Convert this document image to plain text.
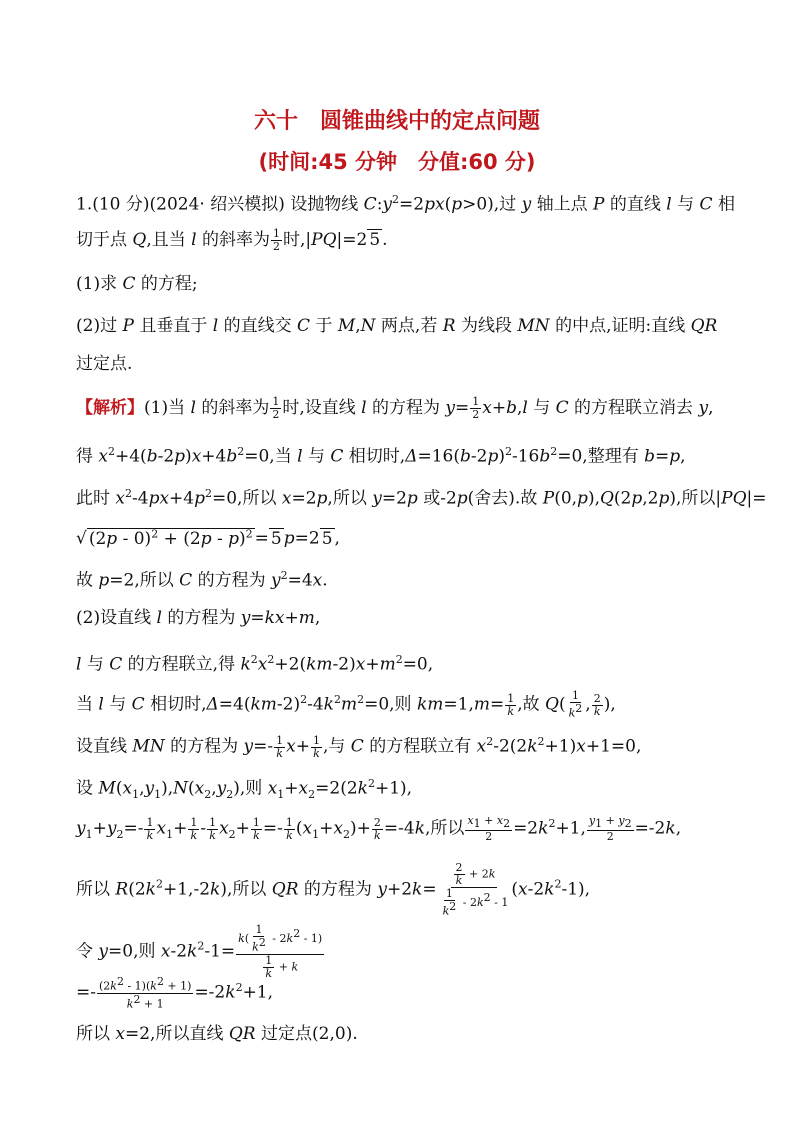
六十　圆锥曲线中的定点问题
(时间:45 分钟　分值:60 分)
1.(10 分)(2024· 绍兴模拟) 设抛物线 $C:y^2=2px(p>0)$,过 y 轴上点 P 的直线 l 与 C 相
切于点 Q,且当 l 的斜率为 $\frac{1}{2}$ 时,|PQ|=2 5 .
(1)求 C 的方程;
(2)过 P 且垂直于 l 的直线交 C 于 M,N 两点,若 R 为线段 MN 的中点,证明:直线 QR
过定点.
【解析】(1)当 l 的斜率为 $\frac{1}{2}$ 时,设直线 l 的方程为 $y= \frac{1}{2} x+b,l$ 与 C 的方程联立消去 y,
得 $x^2+4(b-2p)x+4b^2=0$,当 l 与 C 相切时$,\Delta=16(b-2p)^2-16b^2=0$,整理有 b=p,
此时 $x^2-4px+4p^2=0$,所以 x=2p,所以 y=2p 或-2p(舍去).故 P(0,p),Q(2p,2p),所以|PQ|=
√ (2p - 0)$^2$ + (2p - p)$^2$ = 5 p=2 5 ,
故 p=2,所以 C 的方程为 $y^2=4x$.
(2)设直线 l 的方程为 y=kx+m,
l 与 C 的方程联立,得 $k^2x^2+2(km-2)x+m^2=0$,
当 l 与 C 相切时$,\Delta=4(km-2)^2-4k^2m^2=0$,则 $km=1,m= \frac{1}{k}$ ,故 $Q( \frac{1}{k^2}$ , $\frac{2}{k}$ ),
设直线 MN 的方程为 $y=- \frac{1}{k} x+ \frac{1}{k}$ ,与 C 的方程联立有 $x^2-2(2k^2+1)x+1=0$,
设 $M(x_1,y_1),N(x_2,y_2)$,则 $x_1+x_2=2(2k^2+1)$,
$y_1+y_2=- \frac{1}{k} x_1+ \frac{1}{k} - \frac{1}{k} x_2+ \frac{1}{k} =- \frac{1}{k} (x_1+x_2)+ \frac{2}{k} =-4k$,所以 $\frac{x_1 + x_2}{2} =2k^2+1$, $\frac{y_1 + y_2}{2} =-2k$,
所以 $R(2k^2+1,-2k)$,所以 QR 的方程为 $y+2k= \frac{\frac{2}{k} + 2k}{\frac{1}{k^2} - 2k^2 - 1} (x-2k^2-1)$,
令 y=0,则 $x-2k^2-1= \frac{k( \frac{1}{k^2} - 2k^2 - 1)}{\frac{1}{k} + k}$
=- $\frac{(2k^2 - 1)(k^2 + 1)}{k^2 + 1} =-2k^2+1$,
所以 x=2,所以直线 QR 过定点(2,0).
